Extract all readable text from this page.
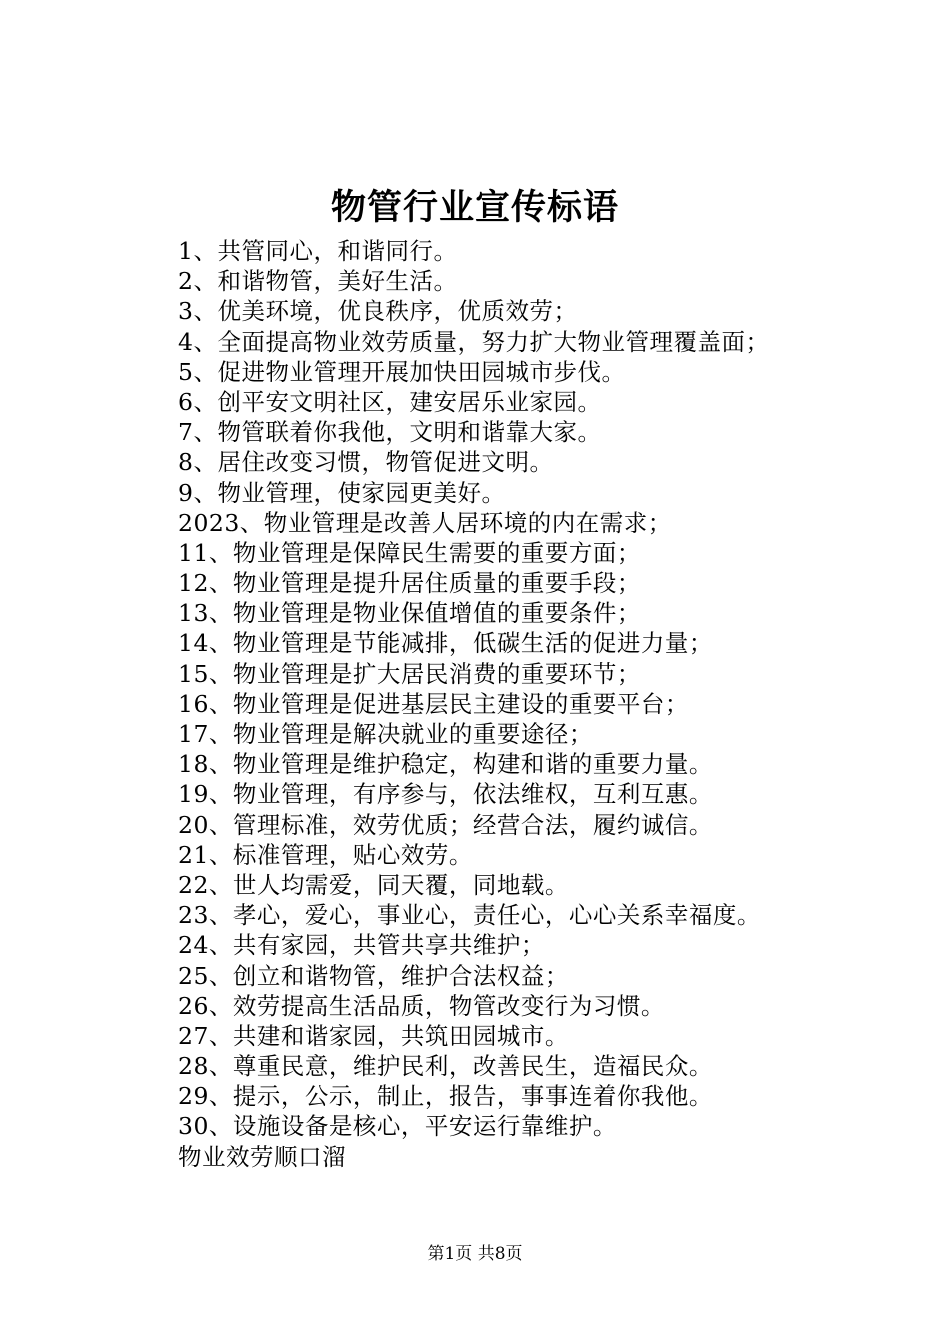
物管行业宣传标语
1、共管同心，和谐同行。
2、和谐物管，美好生活。
3、优美环境，优良秩序，优质效劳；
4、全面提高物业效劳质量，努力扩大物业管理覆盖面；
5、促进物业管理开展加快田园城市步伐。
6、创平安文明社区，建安居乐业家园。
7、物管联着你我他，文明和谐靠大家。
8、居住改变习惯，物管促进文明。
9、物业管理，使家园更美好。
2023、物业管理是改善人居环境的内在需求；
11、物业管理是保障民生需要的重要方面；
12、物业管理是提升居住质量的重要手段；
13、物业管理是物业保值增值的重要条件；
14、物业管理是节能减排，低碳生活的促进力量；
15、物业管理是扩大居民消费的重要环节；
16、物业管理是促进基层民主建设的重要平台；
17、物业管理是解决就业的重要途径；
18、物业管理是维护稳定，构建和谐的重要力量。
19、物业管理，有序参与，依法维权，互利互惠。
20、管理标准，效劳优质；经营合法，履约诚信。
21、标准管理，贴心效劳。
22、世人均需爱，同天覆，同地载。
23、孝心，爱心，事业心，责任心，心心关系幸福度。
24、共有家园，共管共享共维护；
25、创立和谐物管，维护合法权益；
26、效劳提高生活品质，物管改变行为习惯。
27、共建和谐家园，共筑田园城市。
28、尊重民意，维护民利，改善民生，造福民众。
29、提示，公示，制止，报告，事事连着你我他。
30、设施设备是核心，平安运行靠维护。
物业效劳顺口溜
第1页 共8页
